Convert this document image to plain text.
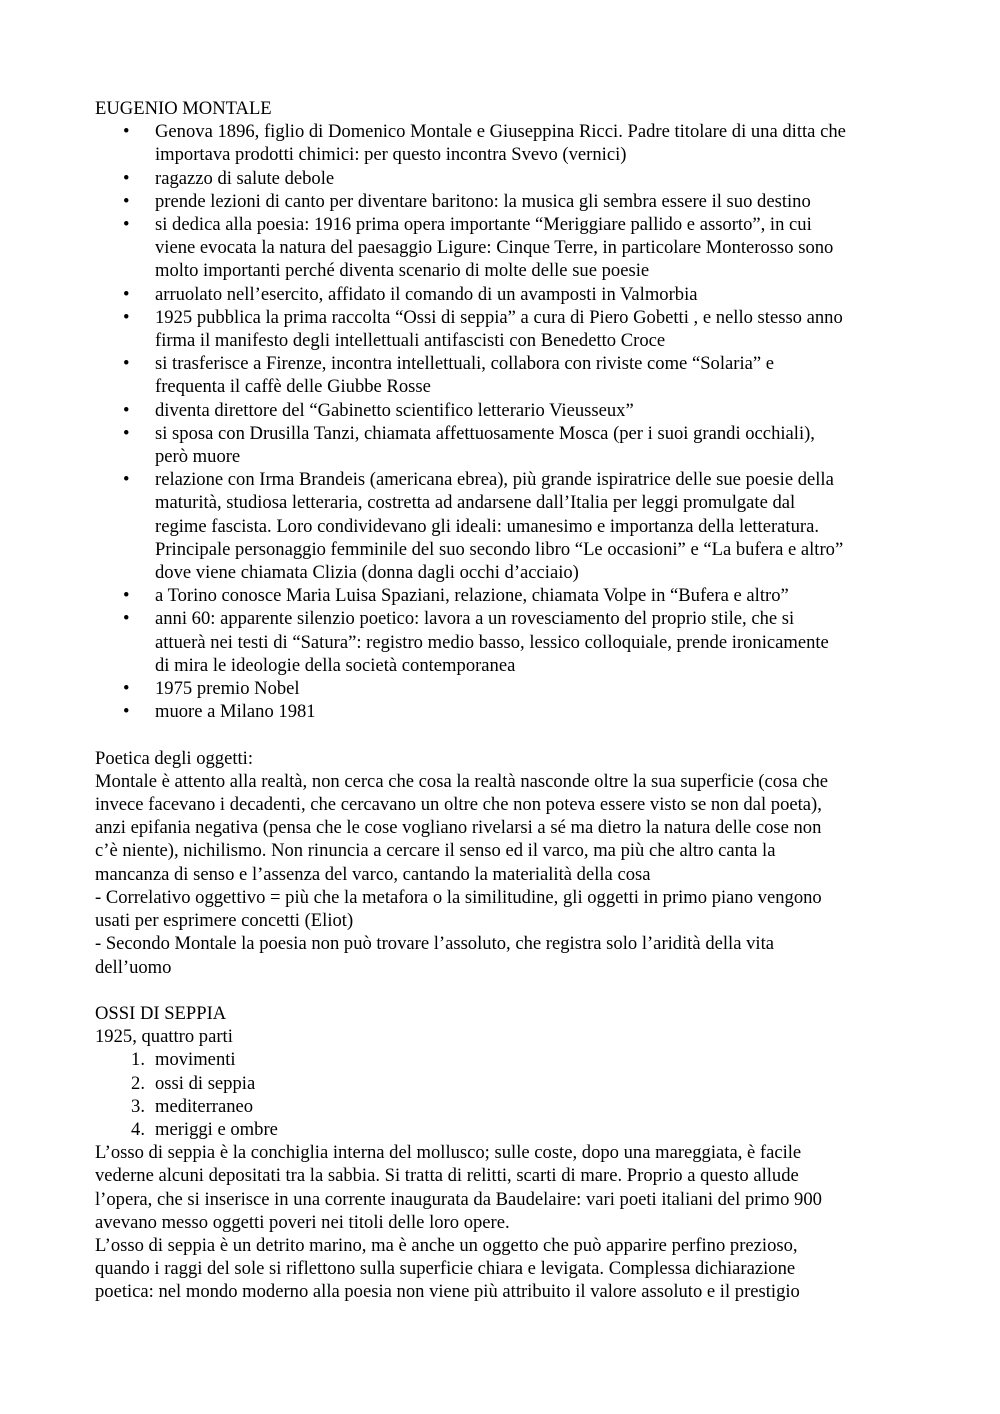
EUGENIO MONTALE
• Genova 1896, figlio di Domenico Montale e Giuseppina Ricci. Padre titolare di una ditta che
importava prodotti chimici: per questo incontra Svevo (vernici)
• ragazzo di salute debole
• prende lezioni di canto per diventare baritono: la musica gli sembra essere il suo destino
• si dedica alla poesia: 1916 prima opera importante “Meriggiare pallido e assorto”, in cui
viene evocata la natura del paesaggio Ligure: Cinque Terre, in particolare Monterosso sono
molto importanti perché diventa scenario di molte delle sue poesie
• arruolato nell’esercito, affidato il comando di un avamposti in Valmorbia
• 1925 pubblica la prima raccolta “Ossi di seppia” a cura di Piero Gobetti , e nello stesso anno
firma il manifesto degli intellettuali antifascisti con Benedetto Croce
• si trasferisce a Firenze, incontra intellettuali, collabora con riviste come “Solaria” e
frequenta il caffè delle Giubbe Rosse
• diventa direttore del “Gabinetto scientifico letterario Vieusseux”
• si sposa con Drusilla Tanzi, chiamata affettuosamente Mosca (per i suoi grandi occhiali),
però muore
• relazione con Irma Brandeis (americana ebrea), più grande ispiratrice delle sue poesie della
maturità, studiosa letteraria, costretta ad andarsene dall’Italia per leggi promulgate dal
regime fascista. Loro condividevano gli ideali: umanesimo e importanza della letteratura.
Principale personaggio femminile del suo secondo libro “Le occasioni” e “La bufera e altro”
dove viene chiamata Clizia (donna dagli occhi d’acciaio)
• a Torino conosce Maria Luisa Spaziani, relazione, chiamata Volpe in “Bufera e altro”
• anni 60: apparente silenzio poetico: lavora a un rovesciamento del proprio stile, che si
attuerà nei testi di “Satura”: registro medio basso, lessico colloquiale, prende ironicamente
di mira le ideologie della società contemporanea
• 1975 premio Nobel
• muore a Milano 1981
Poetica degli oggetti:
Montale è attento alla realtà, non cerca che cosa la realtà nasconde oltre la sua superficie (cosa che
invece facevano i decadenti, che cercavano un oltre che non poteva essere visto se non dal poeta),
anzi epifania negativa (pensa che le cose vogliano rivelarsi a sé ma dietro la natura delle cose non
c’è niente), nichilismo. Non rinuncia a cercare il senso ed il varco, ma più che altro canta la
mancanza di senso e l’assenza del varco, cantando la materialità della cosa
- Correlativo oggettivo = più che la metafora o la similitudine, gli oggetti in primo piano vengono
usati per esprimere concetti (Eliot)
- Secondo Montale la poesia non può trovare l’assoluto, che registra solo l’aridità della vita
dell’uomo
OSSI DI SEPPIA
1925, quattro parti
1. movimenti
2. ossi di seppia
3. mediterraneo
4. meriggi e ombre
L’osso di seppia è la conchiglia interna del mollusco; sulle coste, dopo una mareggiata, è facile
vederne alcuni depositati tra la sabbia. Si tratta di relitti, scarti di mare. Proprio a questo allude
l’opera, che si inserisce in una corrente inaugurata da Baudelaire: vari poeti italiani del primo 900
avevano messo oggetti poveri nei titoli delle loro opere.
L’osso di seppia è un detrito marino, ma è anche un oggetto che può apparire perfino prezioso,
quando i raggi del sole si riflettono sulla superficie chiara e levigata. Complessa dichiarazione
poetica: nel mondo moderno alla poesia non viene più attribuito il valore assoluto e il prestigio
